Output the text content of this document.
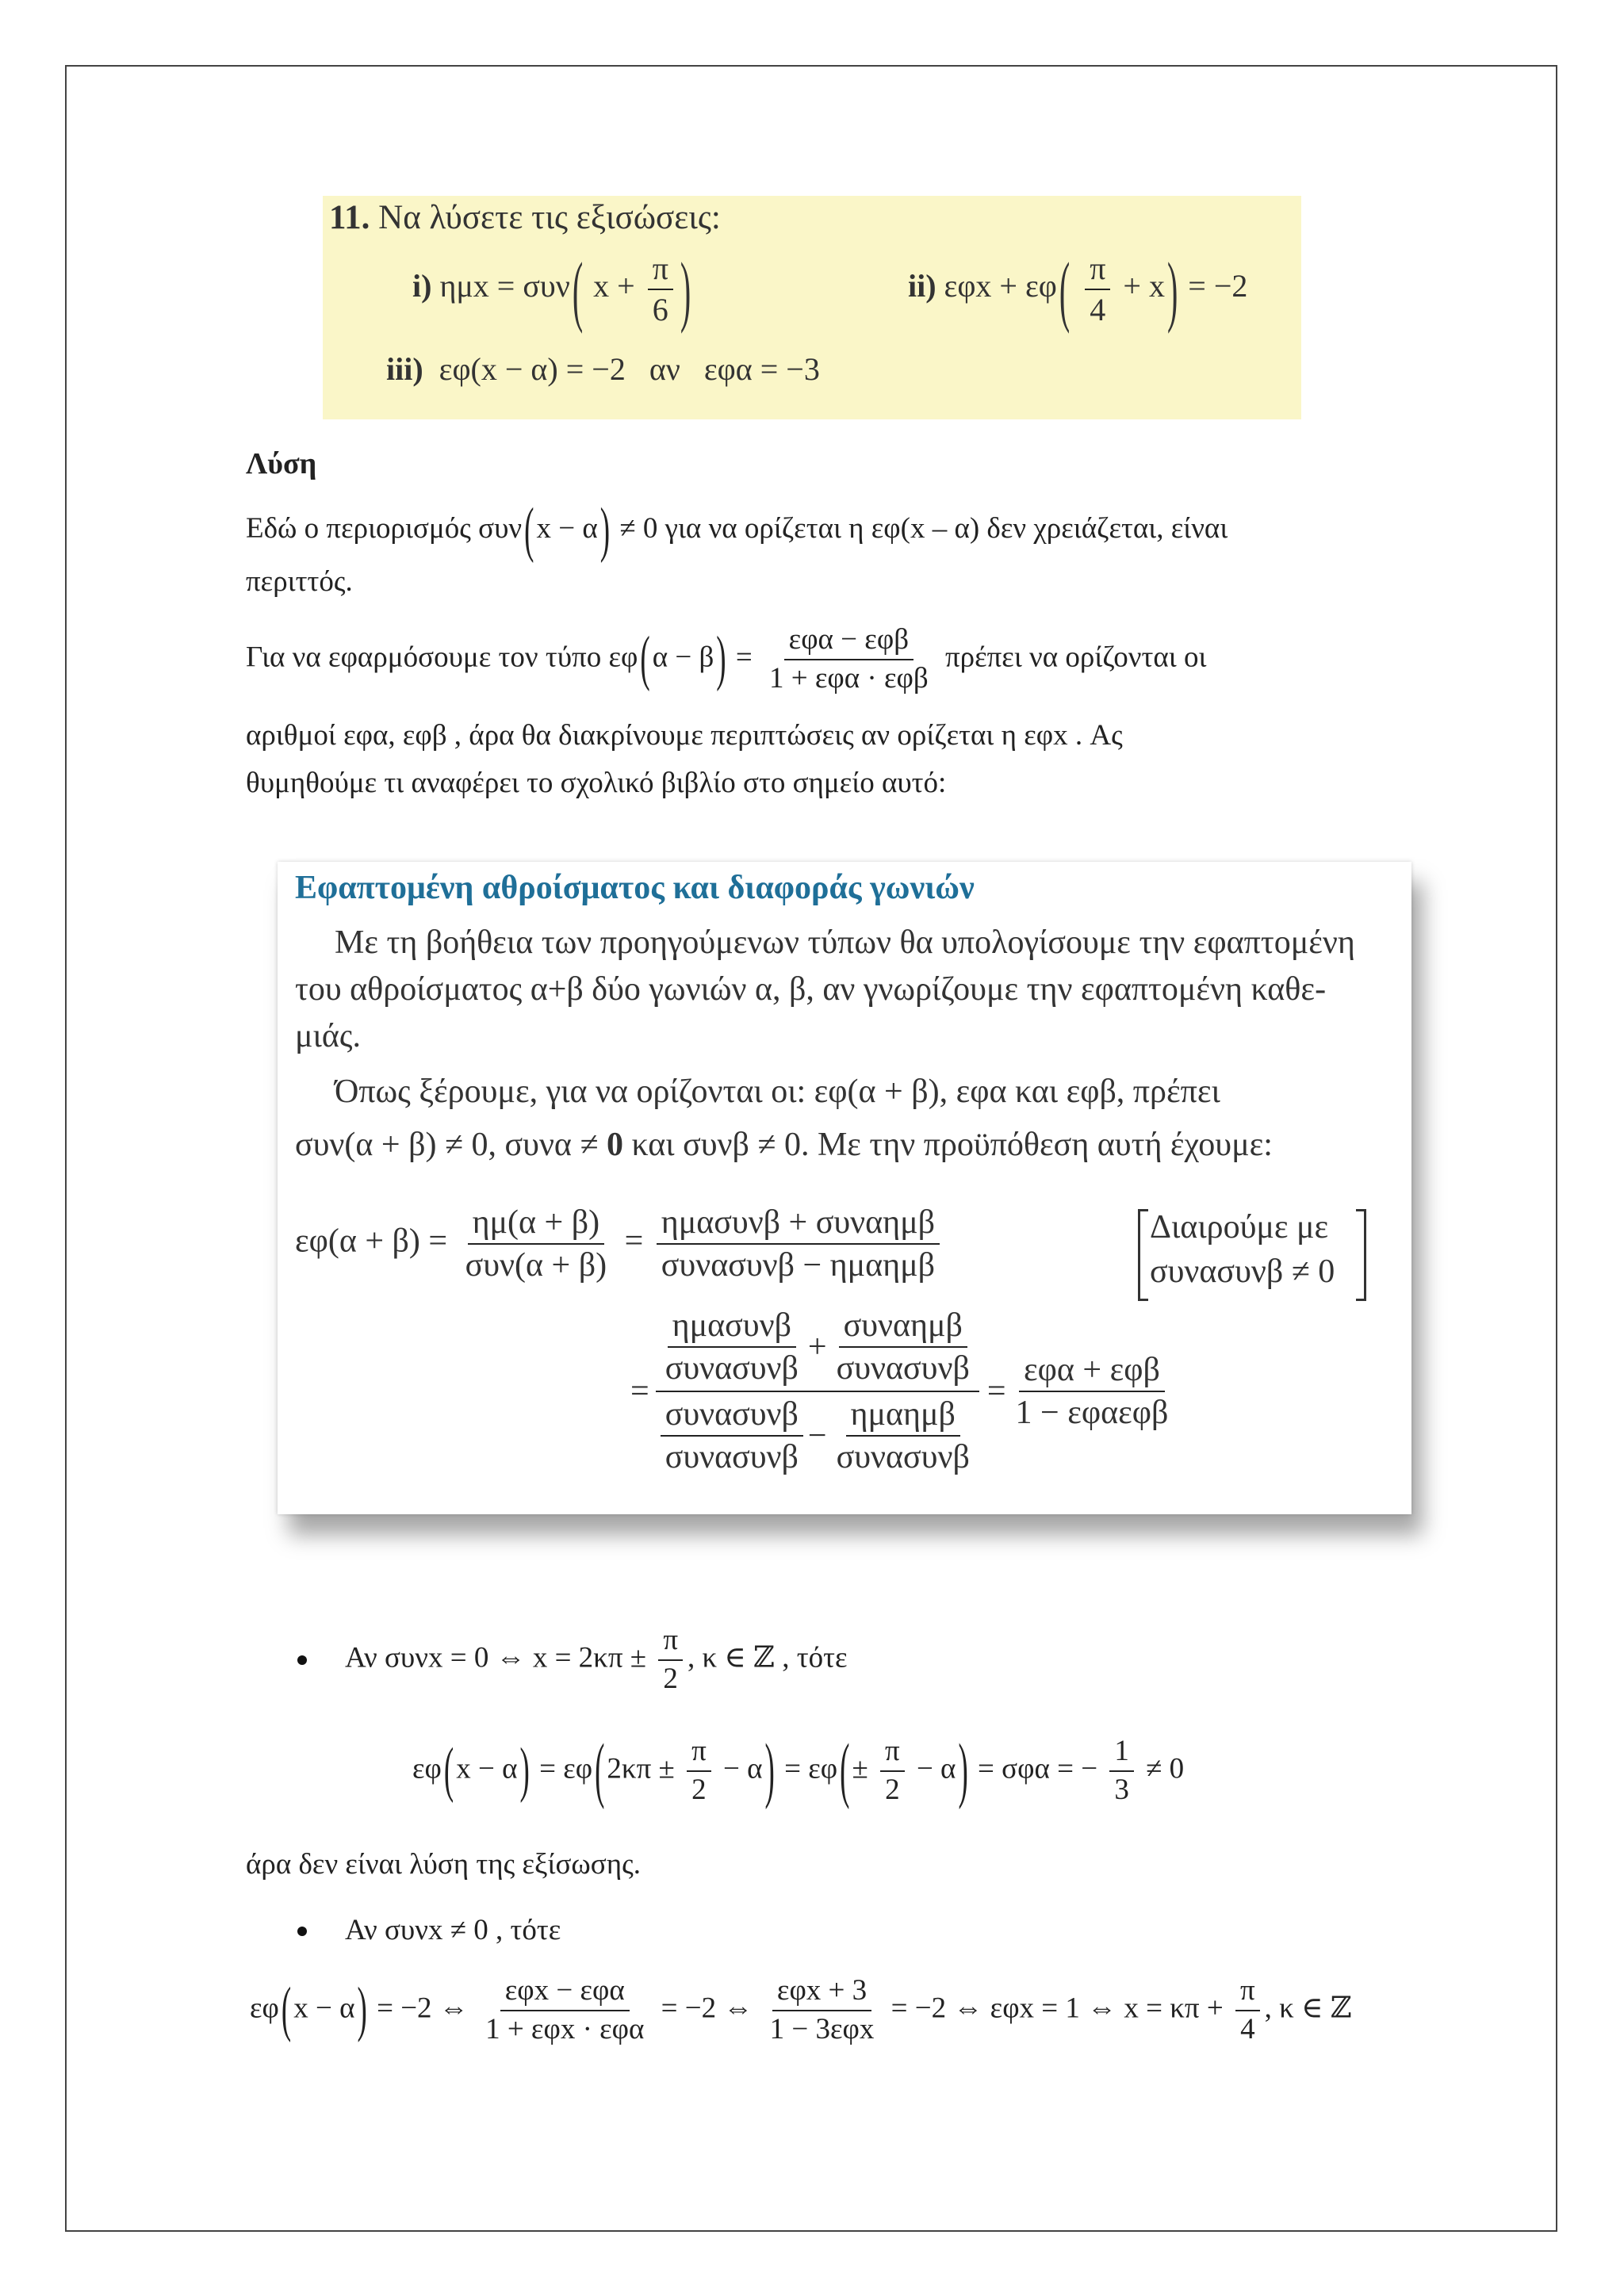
11. Να λύσετε τις εξισώσεις:
i) ημx = συν( $x + \frac{\pi}{6}$ )	ii) $\varepsilon\varphi x + \varepsilon\varphi( \frac{\pi}{4} + x) = -2$
iii) εφ(x − α) = −2 αν εφα = −3
Λύση
Εδώ ο περιορισμός συν(x − α) ≠ 0 για να ορίζεται η εφ(x – α) δεν χρειάζεται, είναι
περιττός.
Για να εφαρμόσουμε τον τύπο $\varepsilon\varphi(\alpha - \beta) = \frac{\text{εφα − εφβ}}{\text{1 + εφα · εφβ}}$ πρέπει να ορίζονται οι
αριθμοί εφα, εφβ , άρα θα διακρίνουμε περιπτώσεις αν ορίζεται η εφx . Ας
θυμηθούμε τι αναφέρει το σχολικό βιβλίο στο σημείο αυτό:
Εφαπτομένη αθροίσματος και διαφοράς γωνιών
Με τη βοήθεια των προηγούμενων τύπων θα υπολογίσουμε την εφαπτομένη
του αθροίσματος α+β δύο γωνιών α, β, αν γνωρίζουμε την εφαπτομένη καθε-
μιάς.
Όπως ξέρουμε, για να ορίζονται οι: εφ(α + β), εφα και εφβ, πρέπει
συν(α + β) ≠ 0, συνα ≠ 0 και συνβ ≠ 0. Με την προϋπόθεση αυτή έχουμε:
$\varepsilon\varphi(\alpha + \beta) = \frac{\eta\mu(\alpha + \beta)}{\text{συν(α + β)}} = \frac{\text{ημασυνβ + συναημβ}}{\text{συνασυνβ − ημαημβ}}$	Διαιρούμε με
συνασυνβ ≠ 0
=
$\frac{\text{ημασυνβ}}{\text{συνασυνβ}} + \frac{\text{συναημβ}}{\text{συνασυνβ}}$
$\frac{\text{συνασυνβ}}{\text{συνασυνβ}} - \frac{\text{ημαημβ}}{\text{συνασυνβ}}$
= $\frac{\text{εφα + εφβ}}{\text{1 − εφαεφβ}}$
Αν συνx = 0 ⇔ $x = 2\kappa\pi \pm \frac{\pi}{2}$ , κ ∈ ℤ , τότε
$\varepsilon\varphi(x - \alpha) = \varepsilon\varphi(2\kappa\pi \pm \frac{\pi}{2} - \alpha) = \varepsilon\varphi(\pm \frac{\pi}{2} - \alpha) = \sigma\varphi\alpha$ = − $\frac{1}{3} \ne 0$
άρα δεν είναι λύση της εξίσωσης.
Αν συνx ≠ 0 , τότε
εφ(x − α) = −2 ⇔ $\frac{\text{εφx − εφα}}{\text{1 + εφx · εφα}} = -2$ ⇔ $\frac{\text{εφx + 3}}{\text{1 − 3εφx}} = -2$ ⇔ εφx = 1 ⇔ $x = \kappa\pi + \frac{\pi}{4}$ , κ ∈ ℤ
